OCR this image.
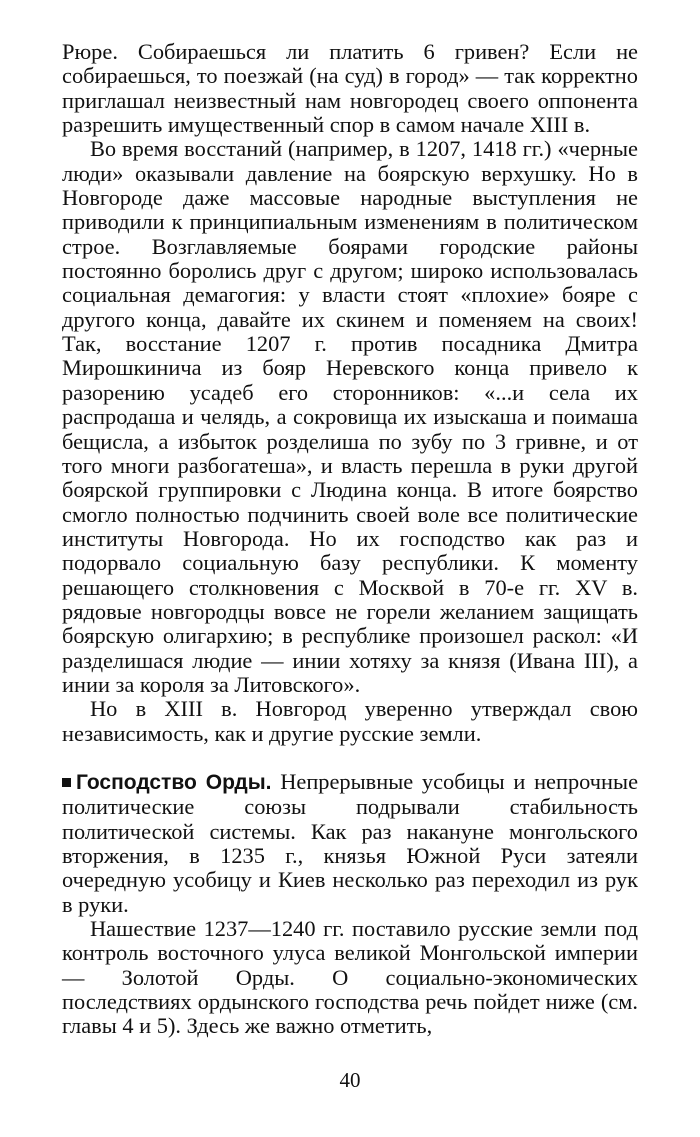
Рюре. Собираешься ли платить 6 гривен? Если не собираешься, то поезжай (на суд) в город» — так корректно приглашал неизвестный нам новгородец своего оппонента разрешить имущественный спор в самом начале XIII в.

Во время восстаний (например, в 1207, 1418 гг.) «черные люди» оказывали давление на боярскую верхушку. Но в Новгороде даже массовые народные выступления не приводили к принципиальным изменениям в политическом строе. Возглавляемые боярами городские районы постоянно боролись друг с другом; широко использовалась социальная демагогия: у власти стоят «плохие» бояре с другого конца, давайте их скинем и поменяем на своих! Так, восстание 1207 г. против посадника Дмитра Мирошкинича из бояр Неревского конца привело к разорению усадеб его сторонников: «...и села их распродаша и челядь, а сокровища их изыскаша и поимаша бещисла, а избыток розделиша по зубу по 3 гривне, и от того многи разбогатеша», и власть перешла в руки другой боярской группировки с Людина конца. В итоге боярство смогло полностью подчинить своей воле все политические институты Новгорода. Но их господство как раз и подорвало социальную базу республики. К моменту решающего столкновения с Москвой в 70-е гг. XV в. рядовые новгородцы вовсе не горели желанием защищать боярскую олигархию; в республике произошел раскол: «И разделишася людие — инии хотяху за князя (Ивана III), а инии за короля за Литовского».

Но в XIII в. Новгород уверенно утверждал свою независимость, как и другие русские земли.

Господство Орды. Непрерывные усобицы и непрочные политические союзы подрывали стабильность политической системы. Как раз накануне монгольского вторжения, в 1235 г., князья Южной Руси затеяли очередную усобицу и Киев несколько раз переходил из рук в руки.

Нашествие 1237—1240 гг. поставило русские земли под контроль восточного улуса великой Монгольской империи — Золотой Орды. О социально-экономических последствиях ордынского господства речь пойдет ниже (см. главы 4 и 5). Здесь же важно отметить,

40
